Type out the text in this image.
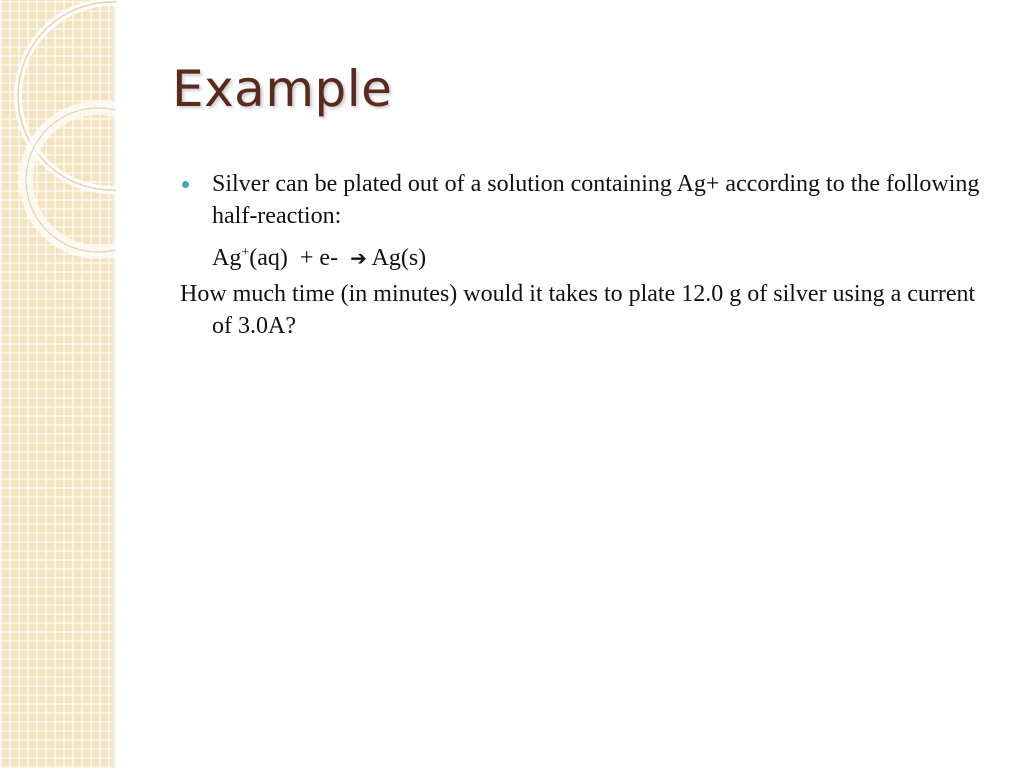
Example

Silver can be plated out of a solution containing Ag+ according to the following half-reaction:

Ag+(aq)  + e-  ➔ Ag(s)

How much time (in minutes) would it takes to plate 12.0 g of silver using a current of 3.0A?
